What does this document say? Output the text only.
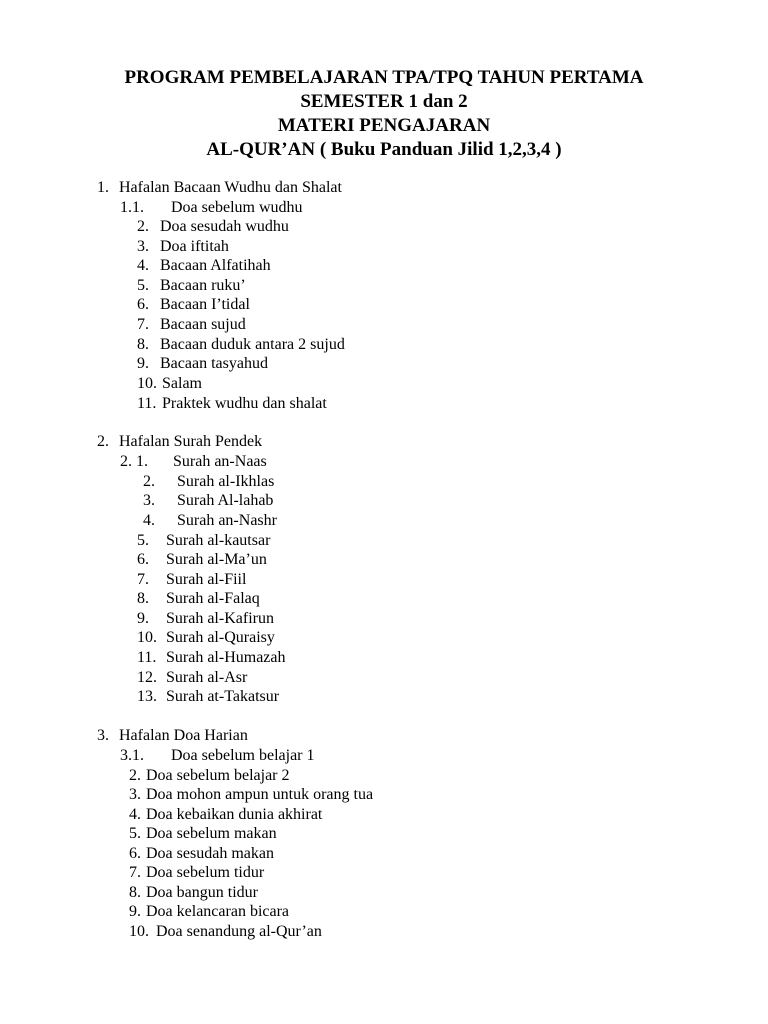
PROGRAM PEMBELAJARAN TPA/TPQ TAHUN PERTAMA
SEMESTER 1 dan 2
MATERI PENGAJARAN
AL-QUR’AN ( Buku Panduan Jilid 1,2,3,4 )
1. Hafalan Bacaan Wudhu dan Shalat
1.1. Doa sebelum wudhu
2. Doa sesudah wudhu
3. Doa iftitah
4. Bacaan Alfatihah
5. Bacaan ruku’
6. Bacaan I’tidal
7. Bacaan sujud
8. Bacaan duduk antara 2 sujud
9. Bacaan tasyahud
10. Salam
11. Praktek wudhu dan shalat
2. Hafalan Surah Pendek
2. 1. Surah an-Naas
2. Surah al-Ikhlas
3. Surah Al-lahab
4. Surah an-Nashr
5. Surah al-kautsar
6. Surah al-Ma’un
7. Surah al-Fiil
8. Surah al-Falaq
9. Surah al-Kafirun
10. Surah al-Quraisy
11. Surah al-Humazah
12. Surah al-Asr
13. Surah at-Takatsur
3. Hafalan Doa Harian
3.1. Doa sebelum belajar 1
2. Doa sebelum belajar 2
3. Doa mohon ampun untuk orang tua
4. Doa kebaikan dunia akhirat
5. Doa sebelum makan
6. Doa sesudah makan
7. Doa sebelum tidur
8. Doa bangun tidur
9. Doa kelancaran bicara
10. Doa senandung al-Qur’an
